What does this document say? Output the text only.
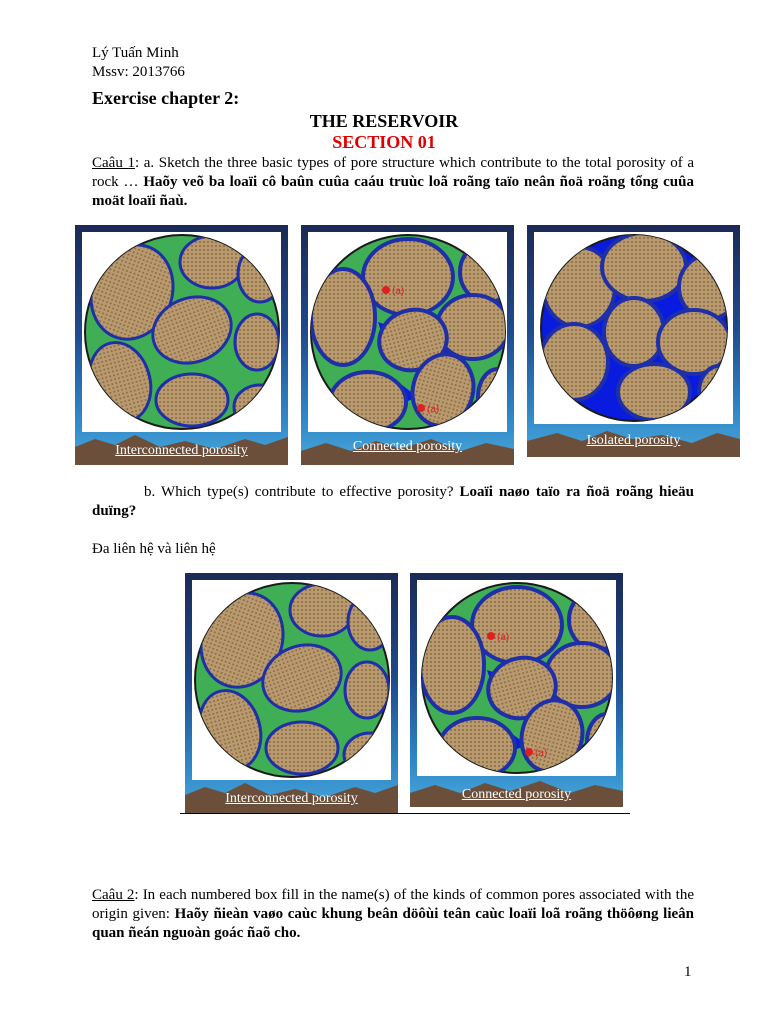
Lý Tuấn Minh
Mssv: 2013766
Exercise chapter 2:
THE RESERVOIR
SECTION 01
Caâu 1: a. Sketch the three basic types of pore structure which contribute to the total porosity of a rock … Haõy veõ ba loaïi cô baûn cuûa caáu truùc loã roãng taïo neân ñoä roãng tổng cuûa moät loaïi ñaù.
Interconnected porosity
(a)
(a)
Connected porosity	Isolated porosity
b. Which type(s) contribute to effective porosity? Loaïi naøo taïo ra ñoä roãng hieäu duïng?
Đa liên hệ và liên hệ
Interconnected porosity
(a)
(a)
Connected porosity
Caâu 2: In each numbered box fill in the name(s) of the kinds of common pores associated with the origin given: Haõy ñieàn vaøo caùc khung beân döôùi teân caùc loaïi loã roãng thöôøng lieân quan ñeán nguoàn goác ñaõ cho.
1
